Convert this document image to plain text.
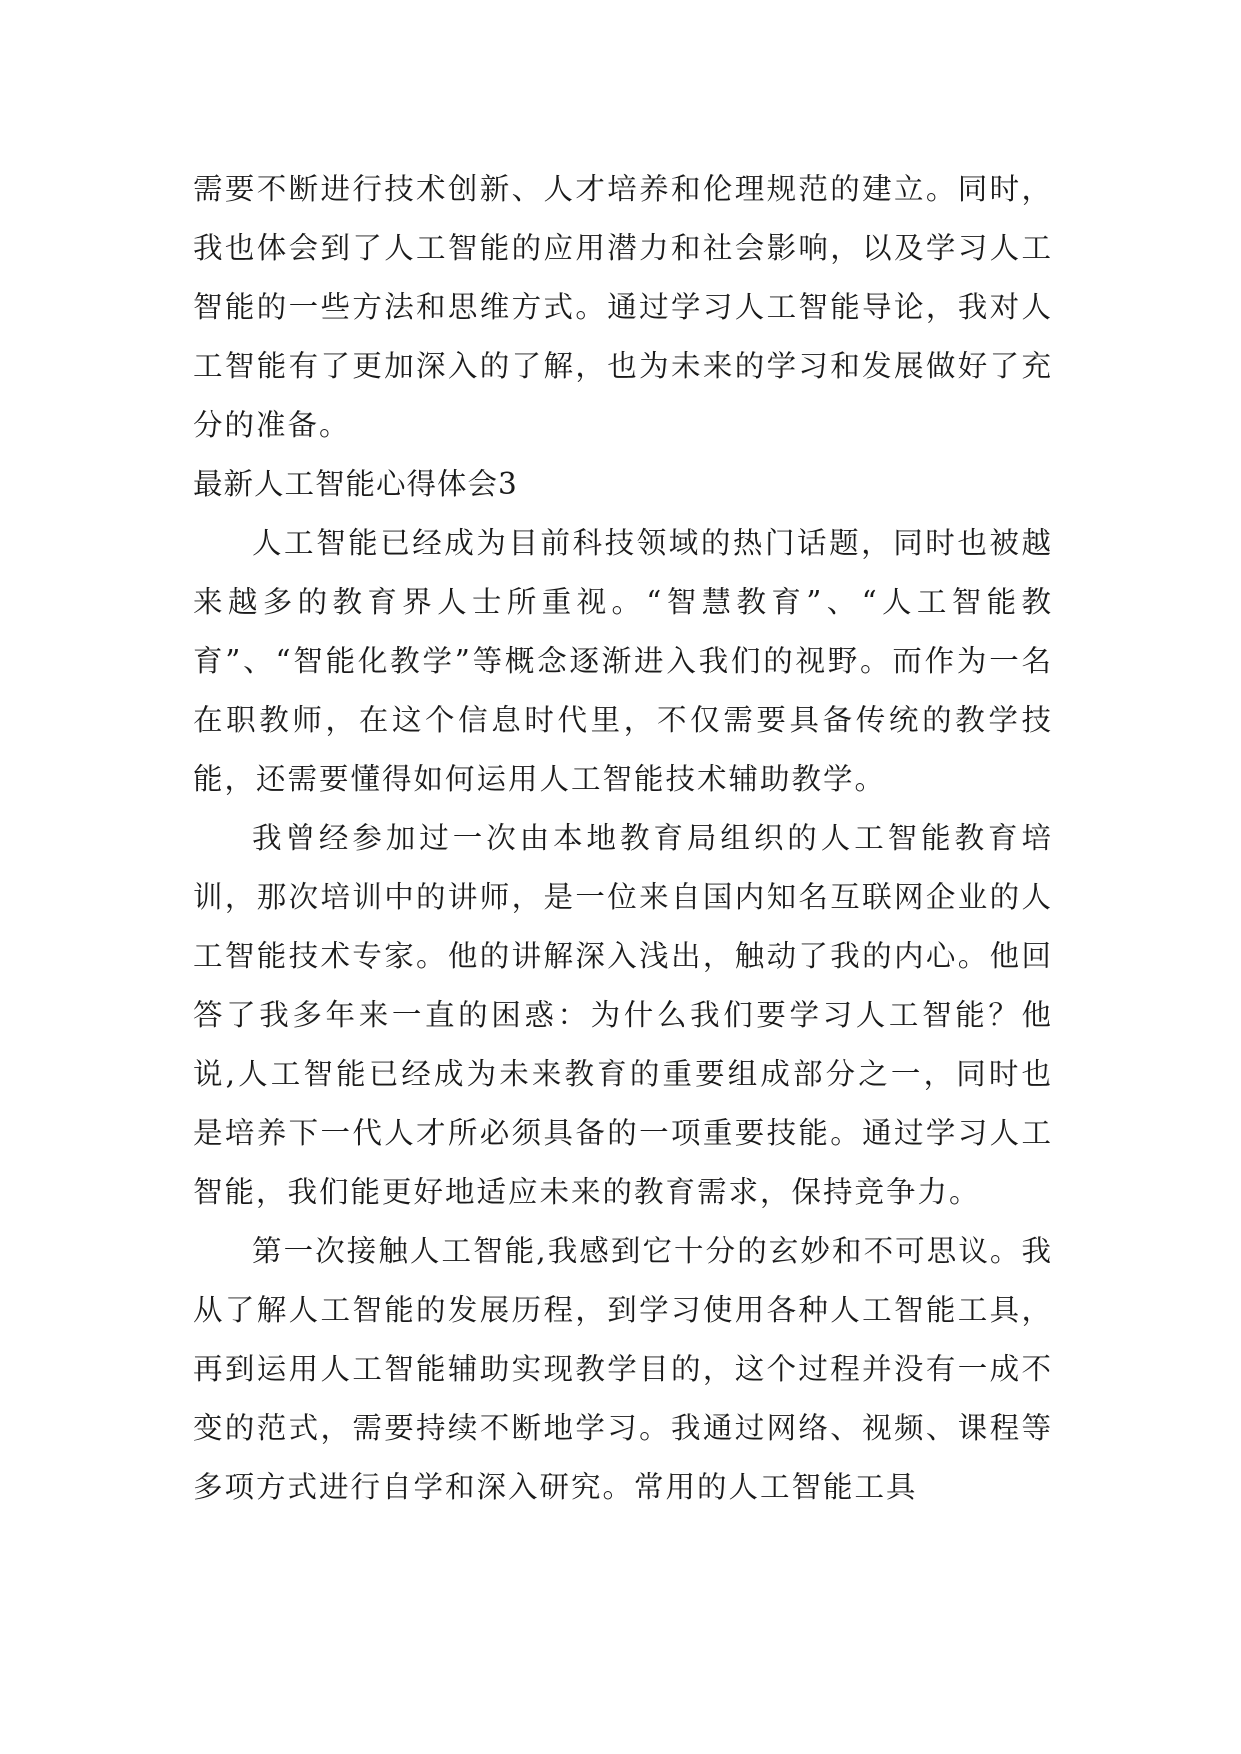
需要不断进行技术创新、人才培养和伦理规范的建立。同时，我也体会到了人工智能的应用潜力和社会影响，以及学习人工智能的一些方法和思维方式。通过学习人工智能导论，我对人工智能有了更加深入的了解，也为未来的学习和发展做好了充分的准备。

最新人工智能心得体会3

人工智能已经成为目前科技领域的热门话题，同时也被越来越多的教育界人士所重视。“智慧教育”、“人工智能教育”、“智能化教学”等概念逐渐进入我们的视野。而作为一名在职教师，在这个信息时代里，不仅需要具备传统的教学技能，还需要懂得如何运用人工智能技术辅助教学。

我曾经参加过一次由本地教育局组织的人工智能教育培训，那次培训中的讲师，是一位来自国内知名互联网企业的人工智能技术专家。他的讲解深入浅出，触动了我的内心。他回答了我多年来一直的困惑：为什么我们要学习人工智能？他说,人工智能已经成为未来教育的重要组成部分之一，同时也是培养下一代人才所必须具备的一项重要技能。通过学习人工智能，我们能更好地适应未来的教育需求，保持竞争力。

第一次接触人工智能,我感到它十分的玄妙和不可思议。我从了解人工智能的发展历程，到学习使用各种人工智能工具，再到运用人工智能辅助实现教学目的，这个过程并没有一成不变的范式，需要持续不断地学习。我通过网络、视频、课程等多项方式进行自学和深入研究。常用的人工智能工具
